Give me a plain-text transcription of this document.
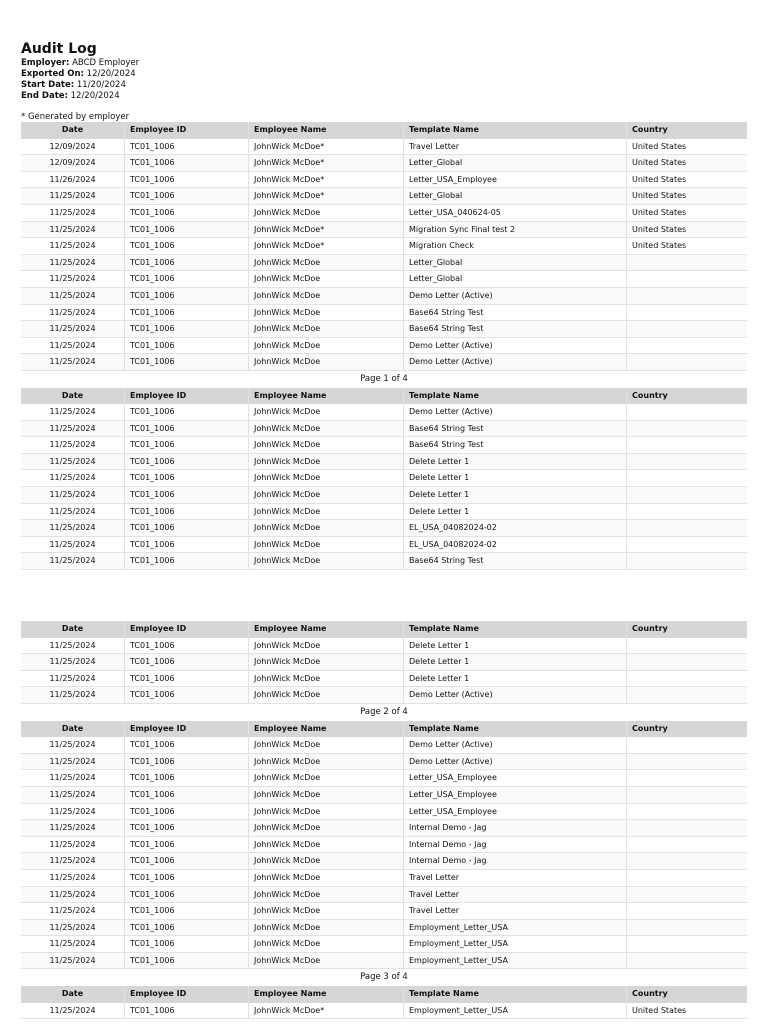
Audit Log
Employer: ABCD Employer
Exported On: 12/20/2024
Start Date: 11/20/2024
End Date: 12/20/2024
* Generated by employer
Date	Employee ID	Employee Name	Template Name	Country
12/09/2024	TC01_1006	JohnWick McDoe*	Travel Letter	United States
12/09/2024	TC01_1006	JohnWick McDoe*	Letter_Global	United States
11/26/2024	TC01_1006	JohnWick McDoe*	Letter_USA_Employee	United States
11/25/2024	TC01_1006	JohnWick McDoe*	Letter_Global	United States
11/25/2024	TC01_1006	JohnWick McDoe	Letter_USA_040624-05	United States
11/25/2024	TC01_1006	JohnWick McDoe*	Migration Sync Final test 2	United States
11/25/2024	TC01_1006	JohnWick McDoe*	Migration Check	United States
11/25/2024	TC01_1006	JohnWick McDoe	Letter_Global
11/25/2024	TC01_1006	JohnWick McDoe	Letter_Global
11/25/2024	TC01_1006	JohnWick McDoe	Demo Letter (Active)
11/25/2024	TC01_1006	JohnWick McDoe	Base64 String Test
11/25/2024	TC01_1006	JohnWick McDoe	Base64 String Test
11/25/2024	TC01_1006	JohnWick McDoe	Demo Letter (Active)
11/25/2024	TC01_1006	JohnWick McDoe	Demo Letter (Active)
Page 1 of 4
Date	Employee ID	Employee Name	Template Name	Country
11/25/2024	TC01_1006	JohnWick McDoe	Demo Letter (Active)
11/25/2024	TC01_1006	JohnWick McDoe	Base64 String Test
11/25/2024	TC01_1006	JohnWick McDoe	Base64 String Test
11/25/2024	TC01_1006	JohnWick McDoe	Delete Letter 1
11/25/2024	TC01_1006	JohnWick McDoe	Delete Letter 1
11/25/2024	TC01_1006	JohnWick McDoe	Delete Letter 1
11/25/2024	TC01_1006	JohnWick McDoe	Delete Letter 1
11/25/2024	TC01_1006	JohnWick McDoe	EL_USA_04082024-02
11/25/2024	TC01_1006	JohnWick McDoe	EL_USA_04082024-02
11/25/2024	TC01_1006	JohnWick McDoe	Base64 String Test
Date	Employee ID	Employee Name	Template Name	Country
11/25/2024	TC01_1006	JohnWick McDoe	Delete Letter 1
11/25/2024	TC01_1006	JohnWick McDoe	Delete Letter 1
11/25/2024	TC01_1006	JohnWick McDoe	Delete Letter 1
11/25/2024	TC01_1006	JohnWick McDoe	Demo Letter (Active)
Page 2 of 4
Date	Employee ID	Employee Name	Template Name	Country
11/25/2024	TC01_1006	JohnWick McDoe	Demo Letter (Active)
11/25/2024	TC01_1006	JohnWick McDoe	Demo Letter (Active)
11/25/2024	TC01_1006	JohnWick McDoe	Letter_USA_Employee
11/25/2024	TC01_1006	JohnWick McDoe	Letter_USA_Employee
11/25/2024	TC01_1006	JohnWick McDoe	Letter_USA_Employee
11/25/2024	TC01_1006	JohnWick McDoe	Internal Demo - Jag
11/25/2024	TC01_1006	JohnWick McDoe	Internal Demo - Jag
11/25/2024	TC01_1006	JohnWick McDoe	Internal Demo - Jag
11/25/2024	TC01_1006	JohnWick McDoe	Travel Letter
11/25/2024	TC01_1006	JohnWick McDoe	Travel Letter
11/25/2024	TC01_1006	JohnWick McDoe	Travel Letter
11/25/2024	TC01_1006	JohnWick McDoe	Employment_Letter_USA
11/25/2024	TC01_1006	JohnWick McDoe	Employment_Letter_USA
11/25/2024	TC01_1006	JohnWick McDoe	Employment_Letter_USA
Page 3 of 4
Date	Employee ID	Employee Name	Template Name	Country
11/25/2024	TC01_1006	JohnWick McDoe*	Employment_Letter_USA	United States
